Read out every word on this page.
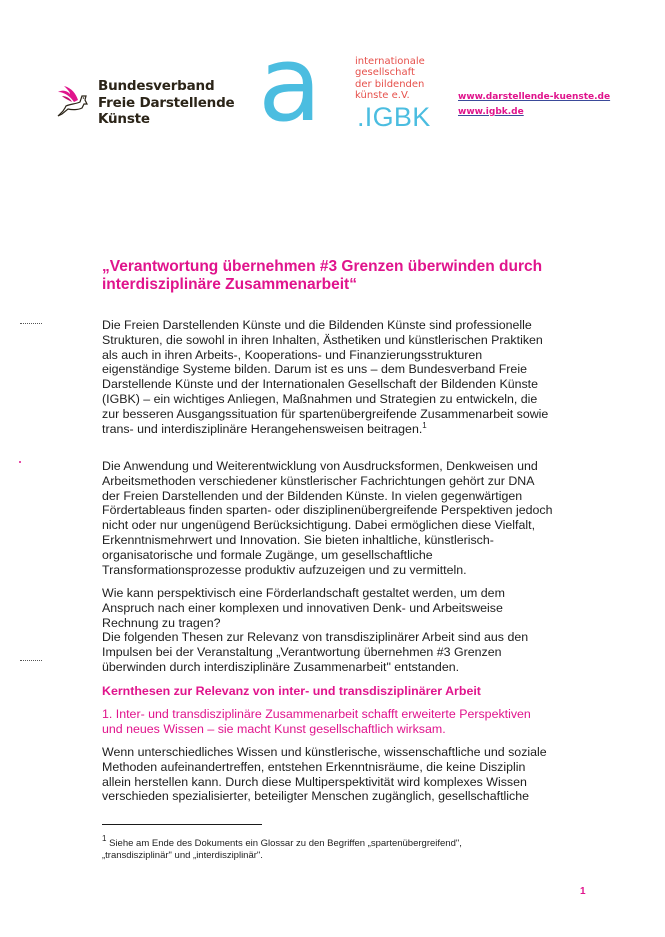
Bundesverband
Freie Darstellende
Künste	a	internationale
gesellschaft
der bildenden
künste e.V.
.IGBK
www.darstellende-kuenste.de
www.igbk.de
„Verantwortung übernehmen #3 Grenzen überwinden durch
interdisziplinäre Zusammenarbeit“
Die Freien Darstellenden Künste und die Bildenden Künste sind professionelle
Strukturen, die sowohl in ihren Inhalten, Ästhetiken und künstlerischen Praktiken
als auch in ihren Arbeits-, Kooperations- und Finanzierungsstrukturen
eigenständige Systeme bilden. Darum ist es uns – dem Bundesverband Freie
Darstellende Künste und der Internationalen Gesellschaft der Bildenden Künste
(IGBK) – ein wichtiges Anliegen, Maßnahmen und Strategien zu entwickeln, die
zur besseren Ausgangssituation für spartenübergreifende Zusammenarbeit sowie
trans- und interdisziplinäre Herangehensweisen beitragen.$^1$
Die Anwendung und Weiterentwicklung von Ausdrucksformen, Denkweisen und
Arbeitsmethoden verschiedener künstlerischer Fachrichtungen gehört zur DNA
der Freien Darstellenden und der Bildenden Künste. In vielen gegenwärtigen
Fördertableaus finden sparten- oder disziplinenübergreifende Perspektiven jedoch
nicht oder nur ungenügend Berücksichtigung. Dabei ermöglichen diese Vielfalt,
Erkenntnismehrwert und Innovation. Sie bieten inhaltliche, künstlerisch-
organisatorische und formale Zugänge, um gesellschaftliche
Transformationsprozesse produktiv aufzuzeigen und zu vermitteln.
Wie kann perspektivisch eine Förderlandschaft gestaltet werden, um dem
Anspruch nach einer komplexen und innovativen Denk- und Arbeitsweise
Rechnung zu tragen?
Die folgenden Thesen zur Relevanz von transdisziplinärer Arbeit sind aus den
Impulsen bei der Veranstaltung „Verantwortung übernehmen #3 Grenzen
überwinden durch interdisziplinäre Zusammenarbeit" entstanden.
Kernthesen zur Relevanz von inter- und transdisziplinärer Arbeit
1. Inter- und transdisziplinäre Zusammenarbeit schafft erweiterte Perspektiven
und neues Wissen – sie macht Kunst gesellschaftlich wirksam.
Wenn unterschiedliches Wissen und künstlerische, wissenschaftliche und soziale
Methoden aufeinandertreffen, entstehen Erkenntnisräume, die keine Disziplin
allein herstellen kann. Durch diese Multiperspektivität wird komplexes Wissen
verschieden spezialisierter, beteiligter Menschen zugänglich, gesellschaftliche
$^1$ Siehe am Ende des Dokuments ein Glossar zu den Begriffen „spartenübergreifend",
„transdisziplinär" und „interdisziplinär".
1
